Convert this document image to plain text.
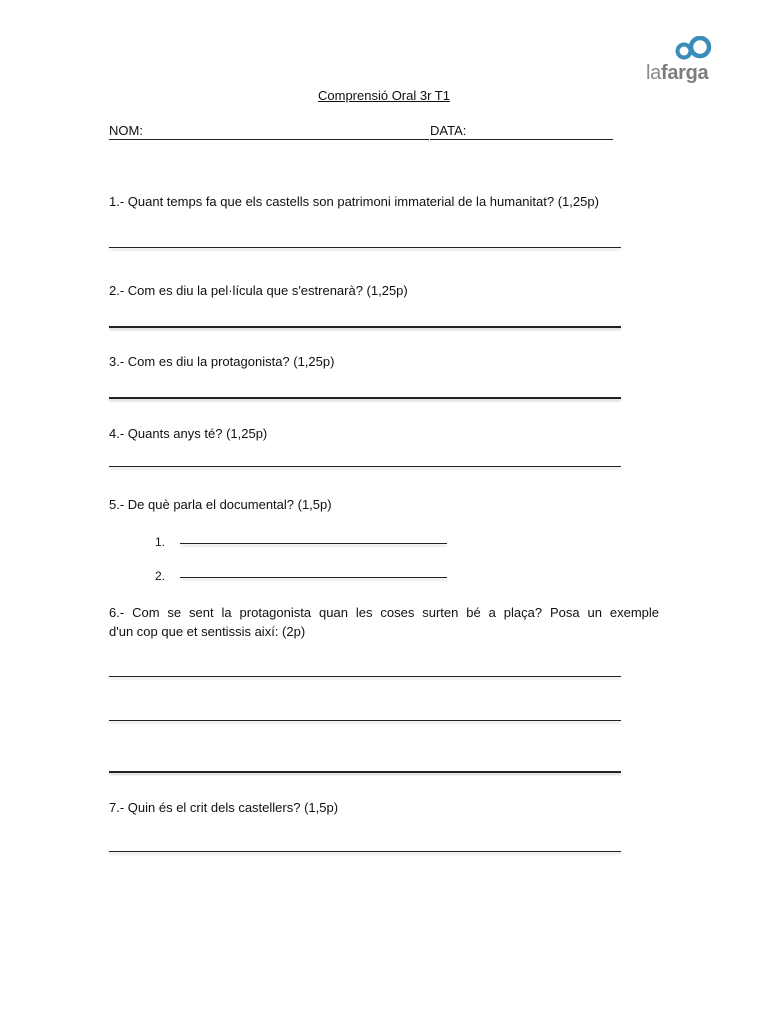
lafarga
Comprensió Oral 3r T1
NOM:	DATA:
1.- Quant temps fa que els castells son patrimoni immaterial de la humanitat? (1,25p)
2.- Com es diu la pel·lícula que s'estrenarà? (1,25p)
3.- Com es diu la protagonista? (1,25p)
4.- Quants anys té? (1,25p)
5.- De què parla el documental? (1,5p)
1.
2.
6.- Com se sent la protagonista quan les coses surten bé a plaça? Posa un exemple
d'un cop que et sentissis així: (2p)
7.- Quin és el crit dels castellers? (1,5p)
